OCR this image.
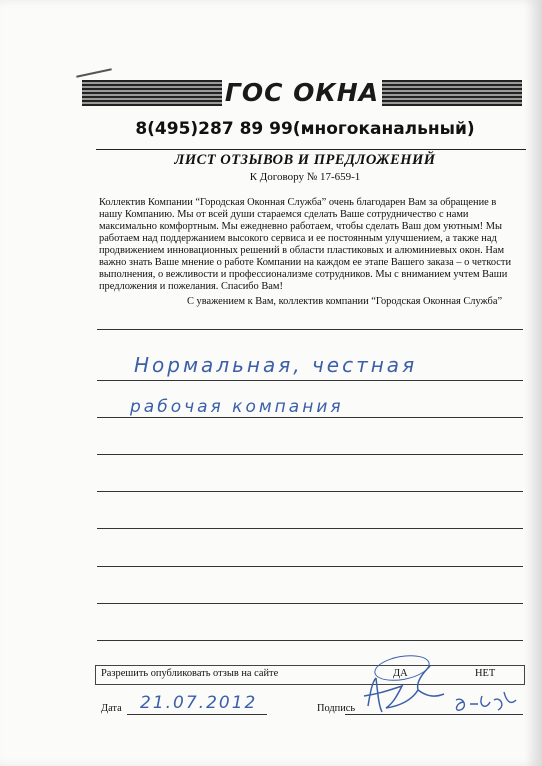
ГОС ОКНА
8(495)287 89 99(многоканальный)
ЛИСТ ОТЗЫВОВ И ПРЕДЛОЖЕНИЙ
К Договору № 17-659-1

Коллектив Компании “Городская Оконная Служба” очень благодарен Вам за обращение в нашу Компанию. Мы от всей души стараемся сделать Ваше сотрудничество с нами максимально комфортным. Мы ежедневно работаем, чтобы сделать Ваш дом уютным! Мы работаем над поддержанием высокого сервиса и ее постоянным улучшением, а также над продвижением инновационных решений в области пластиковых и алюминиевых окон. Нам важно знать Ваше мнение о работе Компании на каждом ее этапе Вашего заказа – о четкости выполнения, о вежливости и профессионализме сотрудников. Мы с вниманием учтем Ваши предложения и пожелания. Спасибо Вам!

С уважением к Вам, коллектив компании “Городская Оконная Служба”
Нормальная, честная
рабочая компания
Разрешить опубликовать отзыв на сайте	ДА	НЕТ
Дата 21.07.2012	Подпись
